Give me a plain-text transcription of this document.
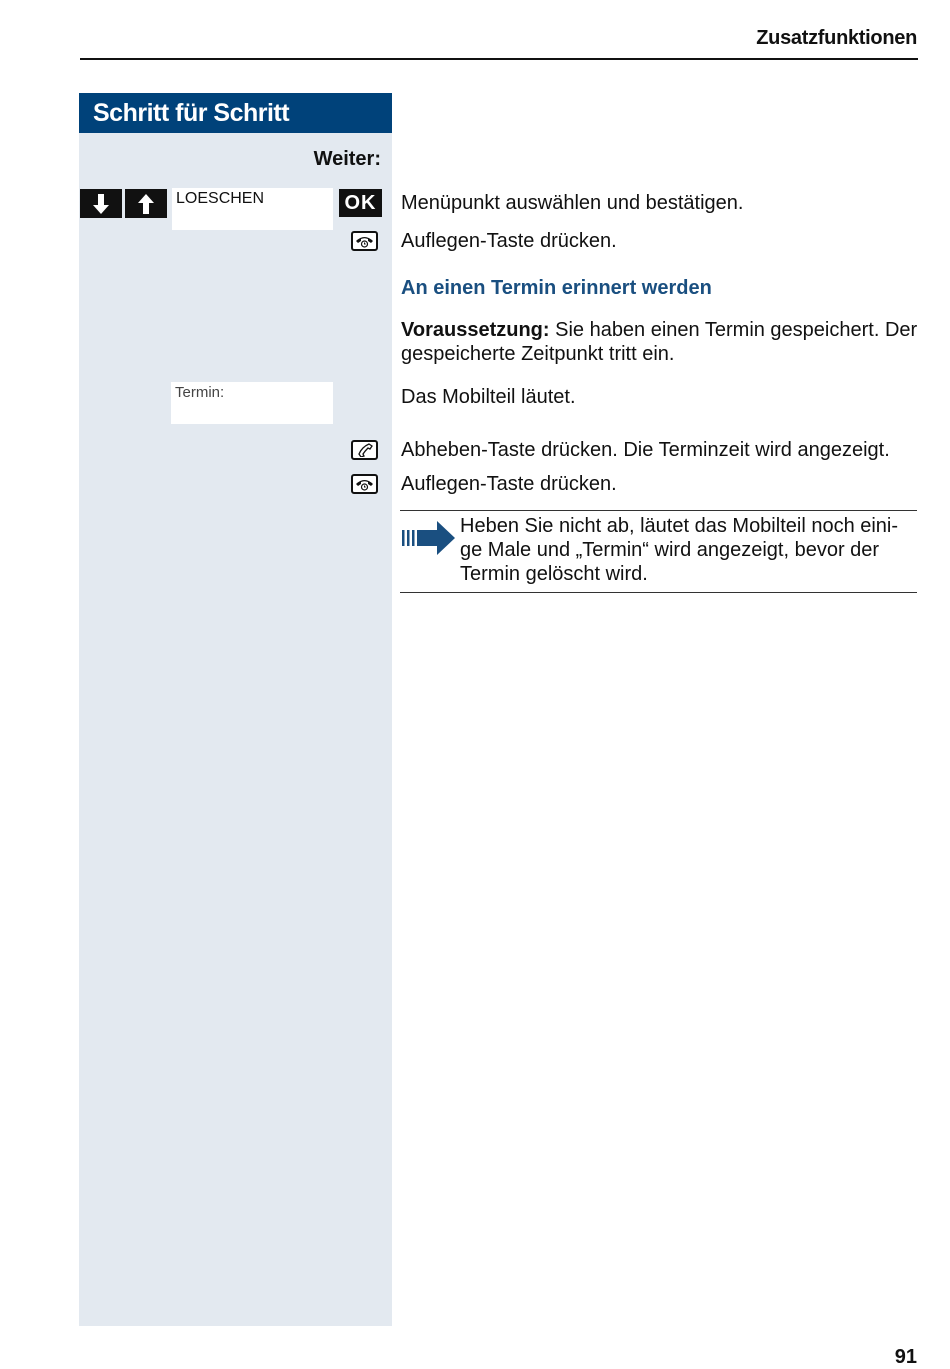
Zusatzfunktionen
Schritt für Schritt
Weiter:
LOESCHEN	OK Menüpunkt auswählen und bestätigen.
Auflegen-Taste drücken.
An einen Termin erinnert werden
Voraussetzung: Sie haben einen Termin gespeichert. Der gespeicherte Zeitpunkt tritt ein.
Termin:	Das Mobilteil läutet.
Abheben-Taste drücken. Die Terminzeit wird angezeigt.
Auflegen-Taste drücken.
Heben Sie nicht ab, läutet das Mobilteil noch eini-
ge Male und „Termin“ wird angezeigt, bevor der
Termin gelöscht wird.
91
